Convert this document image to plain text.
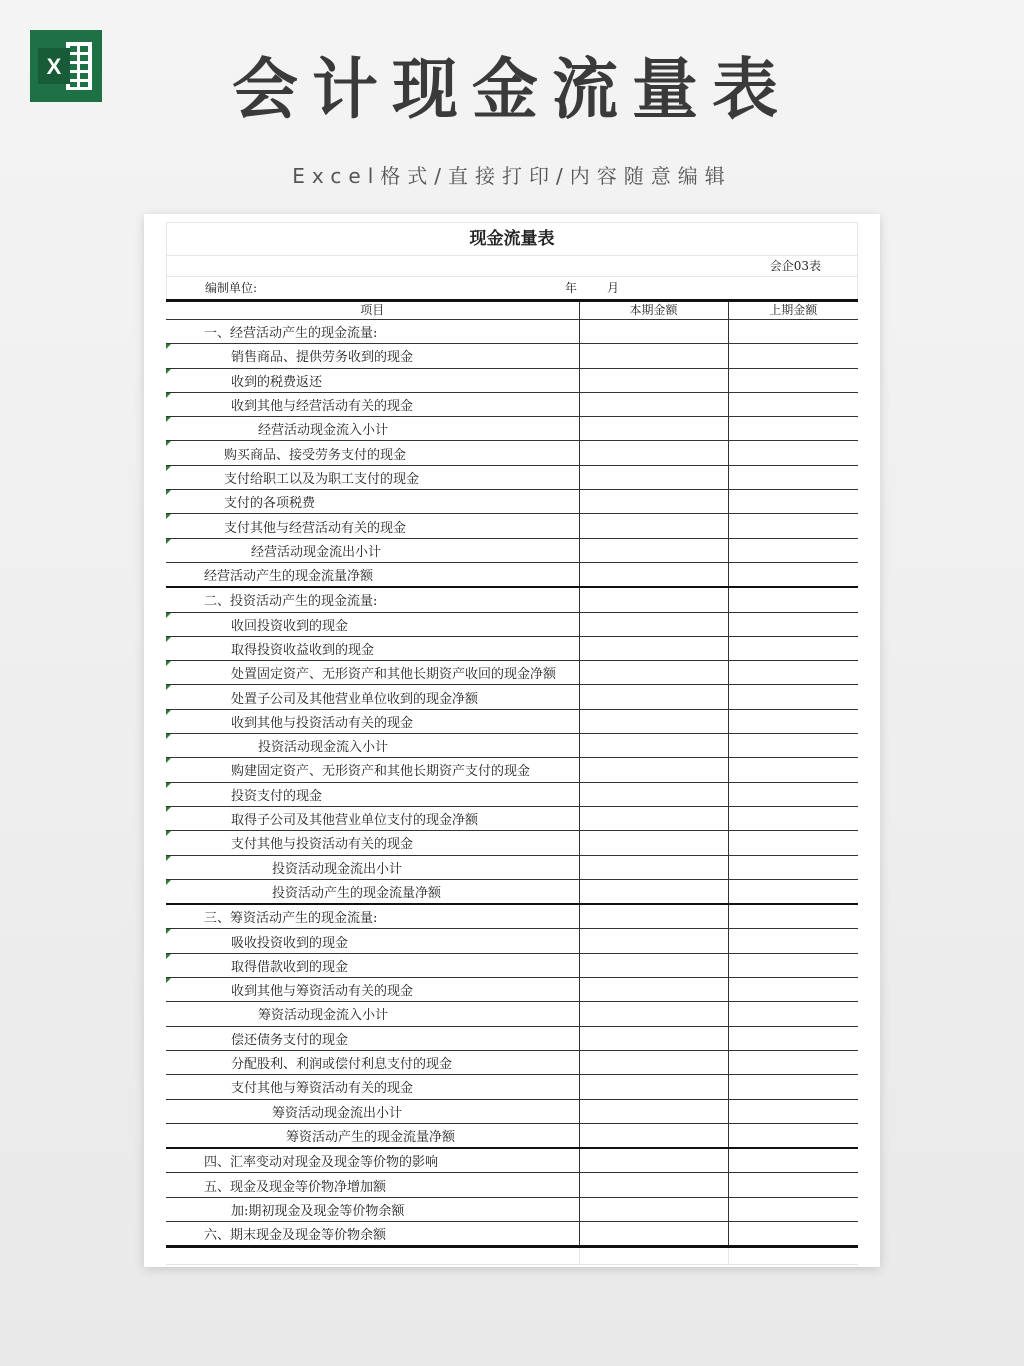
X	会计现金流量表
Excel格式/直接打印/内容随意编辑
现金流量表
会企03表
编制单位:	年 月
项目	本期金额	上期金额
一、经营活动产生的现金流量:		
销售商品、提供劳务收到的现金

收到的税费返还

收到其他与经营活动有关的现金

经营活动现金流入小计

购买商品、接受劳务支付的现金

支付给职工以及为职工支付的现金

支付的各项税费

支付其他与经营活动有关的现金

经营活动现金流出小计

经营活动产生的现金流量净额		
二、投资活动产生的现金流量:		
收回投资收到的现金

取得投资收益收到的现金

处置固定资产、无形资产和其他长期资产收回的现金净额

处置子公司及其他营业单位收到的现金净额

收到其他与投资活动有关的现金

投资活动现金流入小计

购建固定资产、无形资产和其他长期资产支付的现金

投资支付的现金

取得子公司及其他营业单位支付的现金净额

支付其他与投资活动有关的现金

投资活动现金流出小计

投资活动产生的现金流量净额

三、筹资活动产生的现金流量:		
吸收投资收到的现金

取得借款收到的现金

收到其他与筹资活动有关的现金

筹资活动现金流入小计		
偿还债务支付的现金		
分配股利、利润或偿付利息支付的现金		
支付其他与筹资活动有关的现金		
筹资活动现金流出小计		
筹资活动产生的现金流量净额		
四、汇率变动对现金及现金等价物的影响		
五、现金及现金等价物净增加额		
加:期初现金及现金等价物余额		
六、期末现金及现金等价物余额		
